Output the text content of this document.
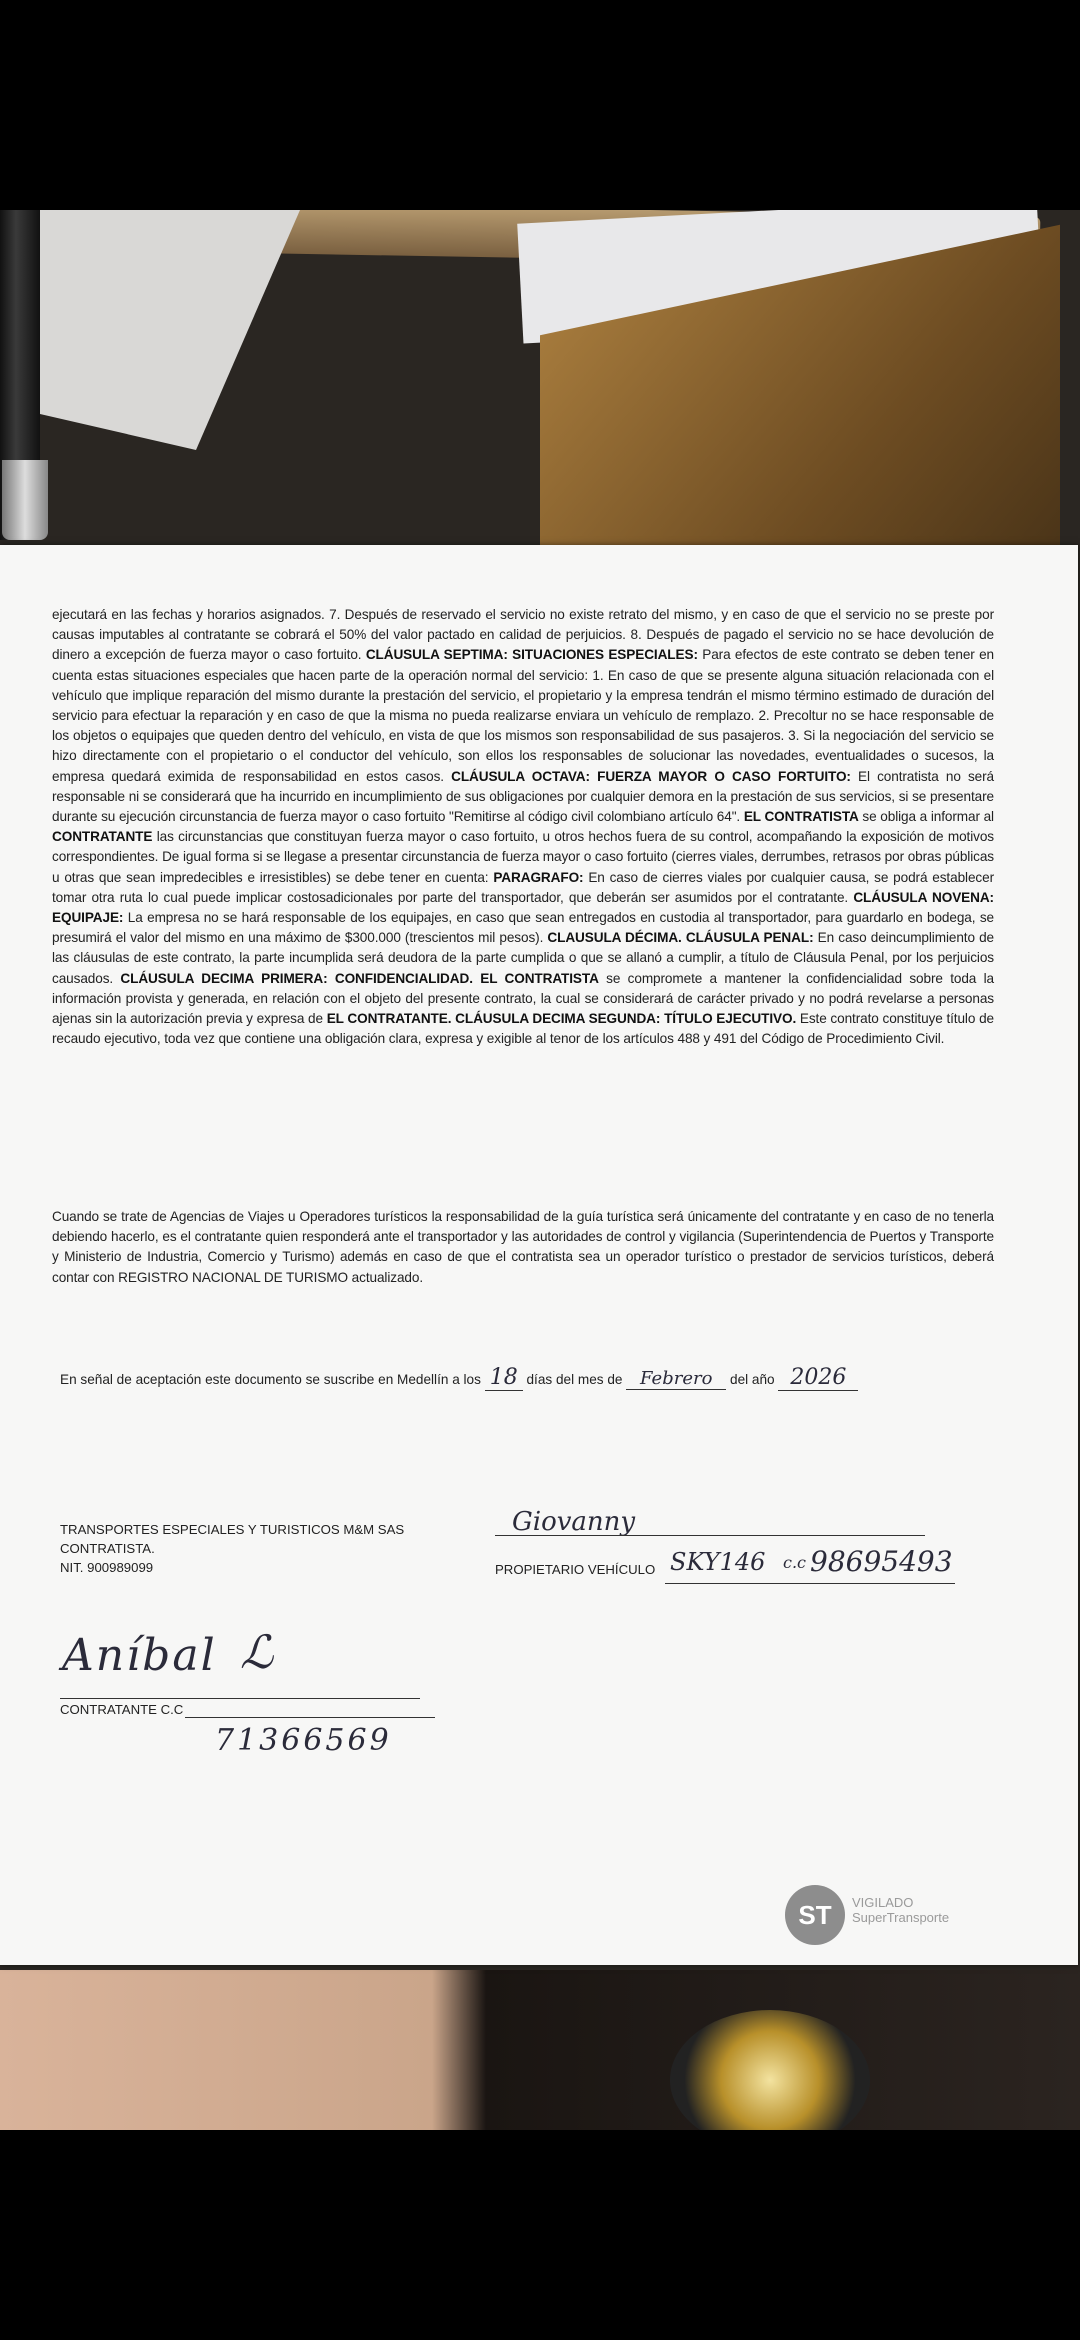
ejecutará en las fechas y horarios asignados. 7. Después de reservado el servicio no existe retrato del mismo, y en caso de que el servicio no se preste por causas imputables al contratante se cobrará el 50% del valor pactado en calidad de perjuicios. 8. Después de pagado el servicio no se hace devolución de dinero a excepción de fuerza mayor o caso fortuito. CLÁUSULA SEPTIMA: SITUACIONES ESPECIALES: Para efectos de este contrato se deben tener en cuenta estas situaciones especiales que hacen parte de la operación normal del servicio: 1. En caso de que se presente alguna situación relacionada con el vehículo que implique reparación del mismo durante la prestación del servicio, el propietario y la empresa tendrán el mismo término estimado de duración del servicio para efectuar la reparación y en caso de que la misma no pueda realizarse enviara un vehículo de remplazo. 2. Precoltur no se hace responsable de los objetos o equipajes que queden dentro del vehículo, en vista de que los mismos son responsabilidad de sus pasajeros. 3. Si la negociación del servicio se hizo directamente con el propietario o el conductor del vehículo, son ellos los responsables de solucionar las novedades, eventualidades o sucesos, la empresa quedará eximida de responsabilidad en estos casos. CLÁUSULA OCTAVA: FUERZA MAYOR O CASO FORTUITO: El contratista no será responsable ni se considerará que ha incurrido en incumplimiento de sus obligaciones por cualquier demora en la prestación de sus servicios, si se presentare durante su ejecución circunstancia de fuerza mayor o caso fortuito "Remitirse al código civil colombiano artículo 64". EL CONTRATISTA se obliga a informar al CONTRATANTE las circunstancias que constituyan fuerza mayor o caso fortuito, u otros hechos fuera de su control, acompañando la exposición de motivos correspondientes. De igual forma si se llegase a presentar circunstancia de fuerza mayor o caso fortuito (cierres viales, derrumbes, retrasos por obras públicas u otras que sean impredecibles e irresistibles) se debe tener en cuenta: PARAGRAFO: En caso de cierres viales por cualquier causa, se podrá establecer tomar otra ruta lo cual puede implicar costosadicionales por parte del transportador, que deberán ser asumidos por el contratante. CLÁUSULA NOVENA: EQUIPAJE: La empresa no se hará responsable de los equipajes, en caso que sean entregados en custodia al transportador, para guardarlo en bodega, se presumirá el valor del mismo en una máximo de $300.000 (trescientos mil pesos). CLAUSULA DÉCIMA. CLÁUSULA PENAL: En caso deincumplimiento de las cláusulas de este contrato, la parte incumplida será deudora de la parte cumplida o que se allanó a cumplir, a título de Cláusula Penal, por los perjuicios causados. CLÁUSULA DECIMA PRIMERA: CONFIDENCIALIDAD. EL CONTRATISTA se compromete a mantener la confidencialidad sobre toda la información provista y generada, en relación con el objeto del presente contrato, la cual se considerará de carácter privado y no podrá revelarse a personas ajenas sin la autorización previa y expresa de EL CONTRATANTE. CLÁUSULA DECIMA SEGUNDA: TÍTULO EJECUTIVO. Este contrato constituye título de recaudo ejecutivo, toda vez que contiene una obligación clara, expresa y exigible al tenor de los artículos 488 y 491 del Código de Procedimiento Civil.
Cuando se trate de Agencias de Viajes u Operadores turísticos la responsabilidad de la guía turística será únicamente del contratante y en caso de no tenerla debiendo hacerlo, es el contratante quien responderá ante el transportador y las autoridades de control y vigilancia (Superintendencia de Puertos y Transporte y Ministerio de Industria, Comercio y Turismo) además en caso de que el contratista sea un operador turístico o prestador de servicios turísticos, deberá contar con REGISTRO NACIONAL DE TURISMO actualizado.
En señal de aceptación este documento se suscribe en Medellín a los 18 días del mes de Febrero del año 2026
TRANSPORTES ESPECIALES Y TURISTICOS M&M SAS
CONTRATISTA.
NIT. 900989099
Giovanny
PROPIETARIO VEHÍCULO SKY146 c.c 98695493
Aníbal ℒ
CONTRATANTE C.C
71366569
ST	VIGILADO
SuperTransporte
